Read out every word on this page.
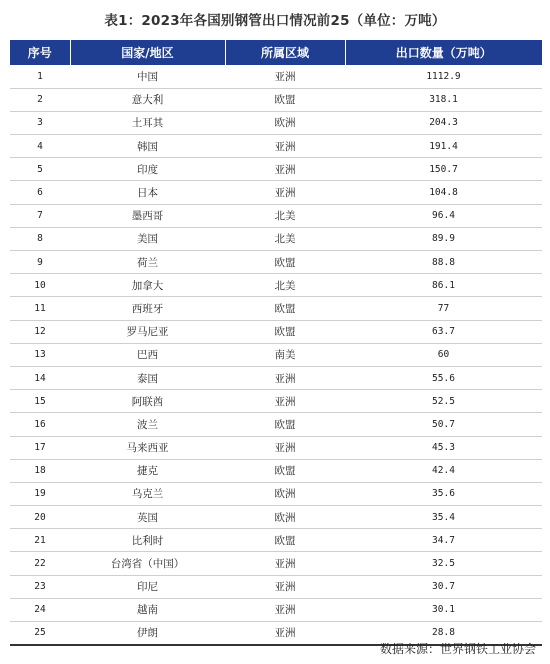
表1：2023年各国别钢管出口情况前25（单位：万吨）
序号	国家/地区	所属区域	出口数量（万吨）
1	中国	亚洲	1112.9
2	意大利	欧盟	318.1
3	土耳其	欧洲	204.3
4	韩国	亚洲	191.4
5	印度	亚洲	150.7
6	日本	亚洲	104.8
7	墨西哥	北美	96.4
8	美国	北美	89.9
9	荷兰	欧盟	88.8
10	加拿大	北美	86.1
11	西班牙	欧盟	77
12	罗马尼亚	欧盟	63.7
13	巴西	南美	60
14	泰国	亚洲	55.6
15	阿联酋	亚洲	52.5
16	波兰	欧盟	50.7
17	马来西亚	亚洲	45.3
18	捷克	欧盟	42.4
19	乌克兰	欧洲	35.6
20	英国	欧洲	35.4
21	比利时	欧盟	34.7
22	台湾省（中国）	亚洲	32.5
23	印尼	亚洲	30.7
24	越南	亚洲	30.1
25	伊朗	亚洲	28.8
数据来源：世界钢铁工业协会
